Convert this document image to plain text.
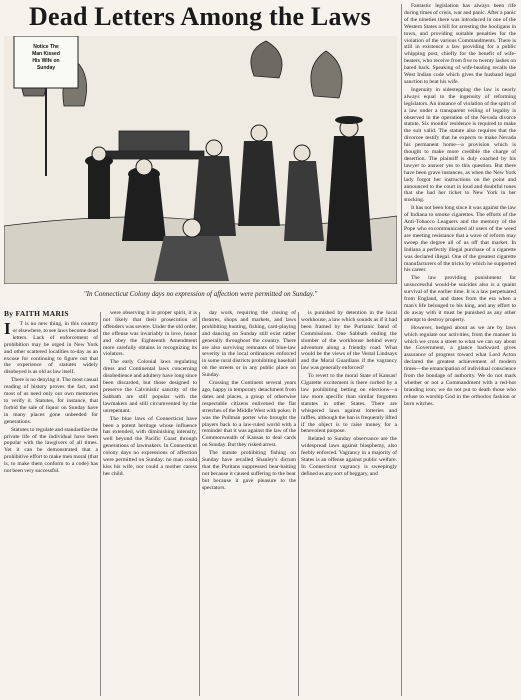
Dead Letters Among the Laws
Notice The Man Kissed His Wife on Sunday
"In Connecticut Colony days no expression of affection were permitted on Sunday."
By FAITH MARIS
I	T is no new thing, in this country or elsewhere, to see laws become dead letters. Lack of enforcement of prohibition may be urged in New York and other scattered localities to-day as an excuse for continuing to figure out that the experience of statutes widely disobeyed is as old as law itself.

There is no denying it. The most casual reading of history proves the fact, and most of us need only our own memories to verify it. Statutes, for instance, that forbid the sale of liquor on Sunday have in many places gone unheeded for generations.

Statutes to regulate and standardize the private life of the individual have been popular with the lawgivers of all times. Yet it can be demonstrated that a prohibitive effort to make men moral (that is, to make them conform to a code) has not been very successful.

were observing it in proper spirit, it is not likely that their prosecution of offenders was severe. Under the old order, the offense was invariably in love, honor and obey the Eighteenth Amendment more carefully obtains in recognizing its violators.

The early Colonial laws regulating dress and Continental laws concerning disobedience and adultery have long since been discarded, but those designed to preserve the Calvinistic sanctity of the Sabbath are still popular with the lawmakers and still circumvented by the unrepentant.

The blue laws of Connecticut have been a potent heritage whose influence has extended, with diminishing intensity, well beyond the Pacific Coast through generations of lawmakers. In Connecticut colony days no expressions of affection were permitted on Sunday: no man could kiss his wife, nor could a mother caress her child.

day work, requiring the closing of theatres, shops and markets, and laws prohibiting hunting, fishing, card-playing and dancing on Sunday still exist rather generally throughout the country. There are also surviving remnants of blue-law severity in the local ordinances enforced in some rural districts prohibiting baseball on the streets or in any public place on Sunday.

Crossing the Continent several years ago, happy in temporary detachment from dates and places, a group of otherwise respectable citizens enlivened the flat stretches of the Middle West with poker. It was the Pullman porter who brought the players back to a law-ruled world with a reminder that it was against the law of the Commonwealth of Kansas to deal cards on Sunday. But they risked arrest.

The statute prohibiting fishing on Sunday have recalled Shanley's dictum that the Puritans suppressed bear-baiting not because it caused suffering to the bear but because it gave pleasure to the spectators.

is punished by detention in the local workhouse, a law which sounds as if it had been framed by the Puritanic band of Commissions. One Sabbath ending the slumber of the workhouse behind every adventure along a friendly road. What would be the views of the Vestal Lindsays and the Moral Guardians if the vagrancy law was generally enforced?

To revert to the moral State of Kansas! Cigarette excitement is there curbed by a law prohibiting betting on elections—a law more specific than similar forgotten statutes in other States. There are whispered laws against lotteries and raffles, although the ban is frequently lifted if the object is to raise money for a benevolent purpose.

Related to Sunday observance are the widespread laws against blasphemy, also feebly enforced. Vagrancy in a majority of States is an offense against public welfare. In Connecticut vagrancy is sweepingly defined as any sort of beggary, and

Fantastic legislation has always been rife during times of crisis, war and panic. After a panic of the nineties there was introduced in one of the Western States a bill for arresting the hooligans in town, and providing suitable penalties for the violation of the various Commandments. There is still in existence a law providing for a public whipping post, chiefly for the benefit of wife-beaters, who receive from five to twenty lashes on bared back. Speaking of wife-beating recalls the West Indian code which gives the husband legal sanction to beat his wife.

Ingenuity in sidestepping the law is nearly always equal to the ingenuity of reforming legislators. An instance of violation of the spirit of a law under a transparent veiling of legality is observed in the operation of the Nevada divorce statute. Six months' residence is required to make the suit valid. The statute also requires that the divorcee testify that he expects to make Nevada his permanent home—a provision which is thought to make more credible the charge of desertion. The plaintiff is duly coached by his lawyer to answer yes to this question. But there have been grave instances, as when the New York lady forgot her instructions on the point and announced to the court in loud and doubtful tones that she had her ticket to New York in her stocking.

It has not been long since it was against the law of Indiana to smoke cigarettes. The efforts of the Anti-Tobacco Leaguers and the memory of the Pope who excommunicated all users of the weed are meeting resistance that a wave of reform may sweep the degree all of us off that market. In Indiana a perfectly illegal purchase of a cigarette was declared illegal. One of the greatest cigarette manufacturers of the tricks by which he supported his career.

The law providing punishment for unsuccessful would-be suicides also is a quaint survival of the earlier time. It is a law perpetuated from England, and dates from the era when a man's life belonged to his king, and any effort to do away with it must be punished as any other attempt to destroy property.

However, hedged about as we are by laws which regulate our activities, from the manner in which we cross a street to what we can say about the Government, a glance backward gives assurance of progress toward what Lord Acton declared the greatest achievement of modern times—the emancipation of individual conscience from the bondage of authority. We do not mark whether or not a Commandment with a red-hot branding iron; we do not put to death those who refuse to worship God in the orthodox fashion or burn witches.
